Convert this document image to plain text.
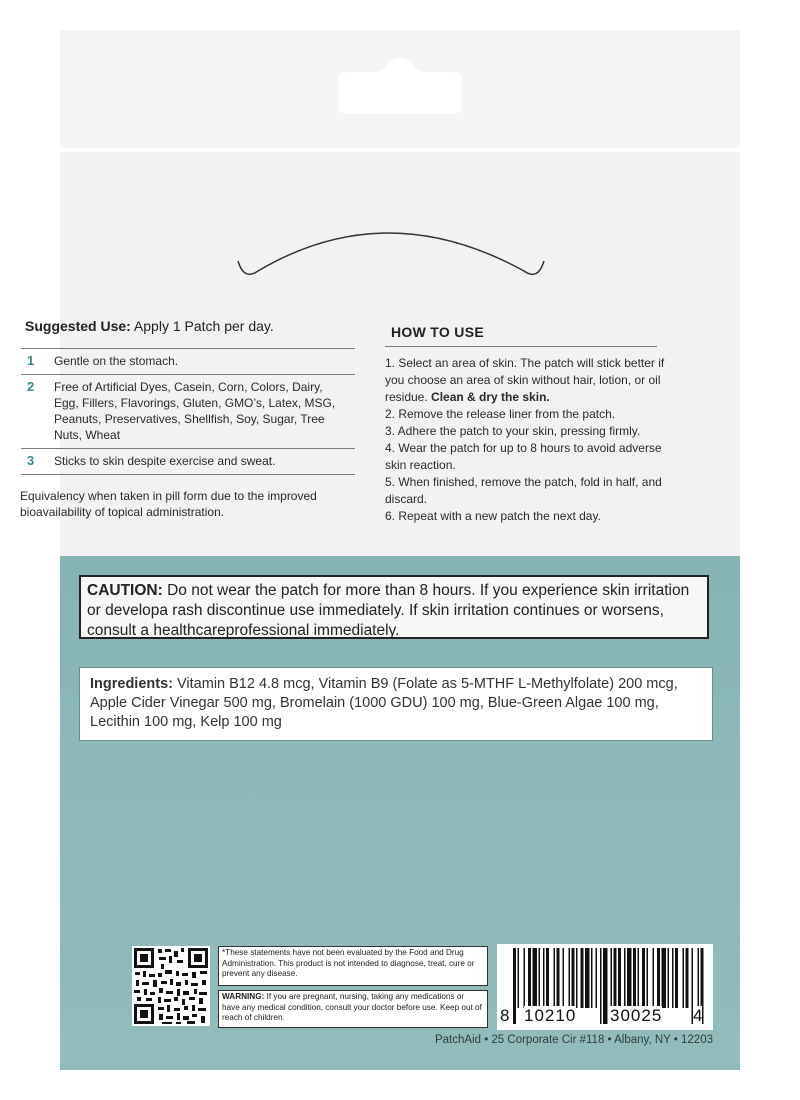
Suggested Use: Apply 1 Patch per day.
1	Gentle on the stomach.
2	Free of Artificial Dyes, Casein, Corn, Colors, Dairy, Egg, Fillers, Flavorings, Gluten, GMO’s, Latex, MSG, Peanuts, Preservatives, Shellfish, Soy, Sugar, Tree Nuts, Wheat
3	Sticks to skin despite exercise and sweat.
Equivalency when taken in pill form due to the improved bioavailability of topical administration.
HOW TO USE
1. Select an area of skin. The patch will stick better if you choose an area of skin without hair, lotion, or oil residue. Clean & dry the skin.
2. Remove the release liner from the patch.
3. Adhere the patch to your skin, pressing firmly.
4. Wear the patch for up to 8 hours to avoid adverse skin reaction.
5. When finished, remove the patch, fold in half, and discard.
6. Repeat with a new patch the next day.
CAUTION: Do not wear the patch for more than 8 hours. If you experience skin irritation or developa rash discontinue use immediately. If skin irritation continues or worsens, consult a healthcareprofessional immediately.
Ingredients: Vitamin B12 4.8 mcg, Vitamin B9 (Folate as 5-MTHF L-Methylfolate) 200 mcg, Apple Cider Vinegar 500 mg, Bromelain (1000 GDU) 100 mg, Blue-Green Algae 100 mg, Lecithin 100 mg, Kelp 100 mg
*These statements have not been evaluated by the Food and Drug Administration. This product is not intended to diagnose, treat, cure or prevent any disease.
WARNING: If you are pregnant, nursing, taking any medications or have any medical condition, consult your doctor before use. Keep out of reach of children.	8 10210 30025 4
PatchAid • 25 Corporate Cir #118 • Albany, NY • 12203
